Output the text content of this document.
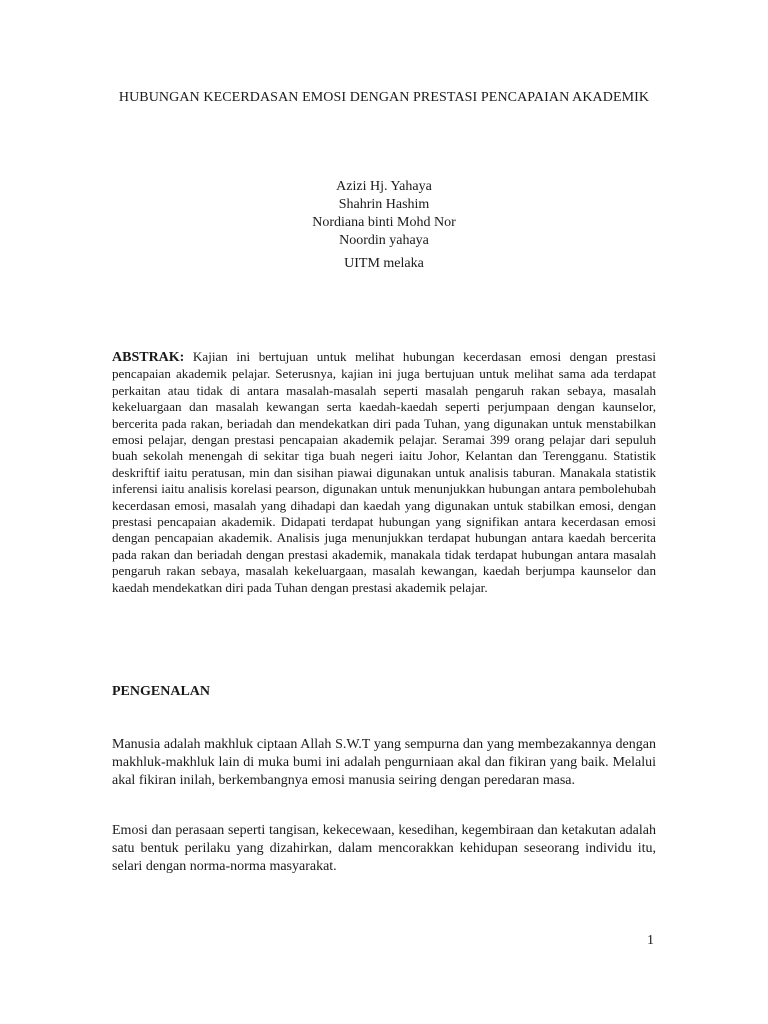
HUBUNGAN KECERDASAN EMOSI DENGAN PRESTASI PENCAPAIAN AKADEMIK
Azizi Hj. Yahaya
Shahrin Hashim
Nordiana binti Mohd Nor
Noordin yahaya
UITM melaka

ABSTRAK: Kajian ini bertujuan untuk melihat hubungan kecerdasan emosi dengan prestasi pencapaian akademik pelajar. Seterusnya, kajian ini juga bertujuan untuk melihat sama ada terdapat perkaitan atau tidak di antara masalah-masalah seperti masalah pengaruh rakan sebaya, masalah kekeluargaan dan masalah kewangan serta kaedah-kaedah seperti perjumpaan dengan kaunselor, bercerita pada rakan, beriadah dan mendekatkan diri pada Tuhan, yang digunakan untuk menstabilkan emosi pelajar, dengan prestasi pencapaian akademik pelajar. Seramai 399 orang pelajar dari sepuluh buah sekolah menengah di sekitar tiga buah negeri iaitu Johor, Kelantan dan Terengganu. Statistik deskriftif iaitu peratusan, min dan sisihan piawai digunakan untuk analisis taburan. Manakala statistik inferensi iaitu analisis korelasi pearson, digunakan untuk menunjukkan hubungan antara pembolehubah kecerdasan emosi, masalah yang dihadapi dan kaedah yang digunakan untuk stabilkan emosi, dengan prestasi pencapaian akademik. Didapati terdapat hubungan yang signifikan antara kecerdasan emosi dengan pencapaian akademik. Analisis juga menunjukkan terdapat hubungan antara kaedah bercerita pada rakan dan beriadah dengan prestasi akademik, manakala tidak terdapat hubungan antara masalah pengaruh rakan sebaya, masalah kekeluargaan, masalah kewangan, kaedah berjumpa kaunselor dan kaedah mendekatkan diri pada Tuhan dengan prestasi akademik pelajar.

PENGENALAN

Manusia adalah makhluk ciptaan Allah S.W.T yang sempurna dan yang membezakannya dengan makhluk-makhluk lain di muka bumi ini adalah pengurniaan akal dan fikiran yang baik. Melalui akal fikiran inilah, berkembangnya emosi manusia seiring dengan peredaran masa.

Emosi dan perasaan seperti tangisan, kekecewaan, kesedihan, kegembiraan dan ketakutan adalah satu bentuk perilaku yang dizahirkan, dalam mencorakkan kehidupan seseorang individu itu, selari dengan norma-norma masyarakat.

1
